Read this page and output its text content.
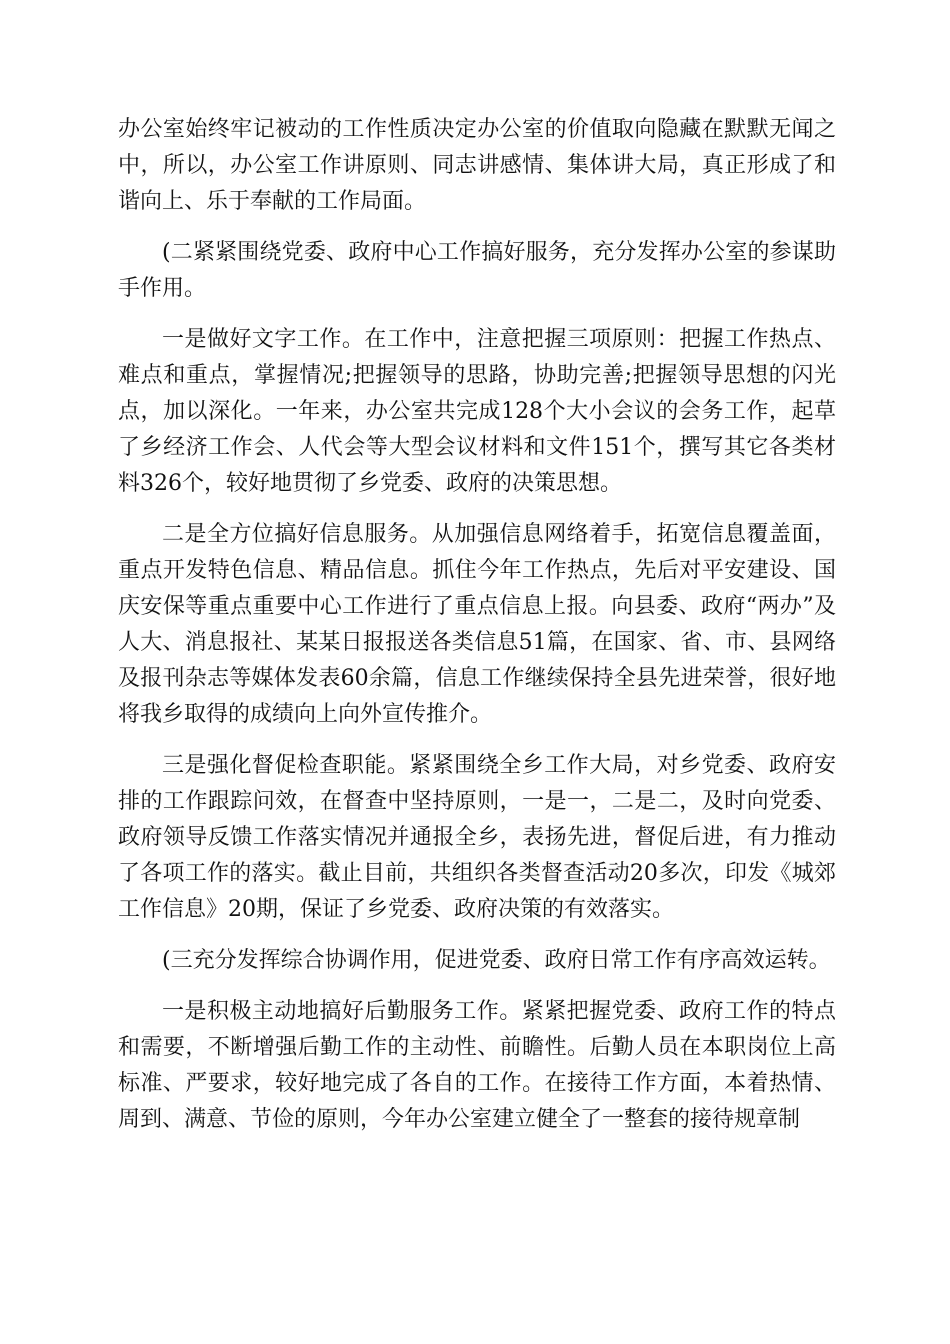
办公室始终牢记被动的工作性质决定办公室的价值取向隐藏在默默无闻之中，所以，办公室工作讲原则、同志讲感情、集体讲大局，真正形成了和谐向上、乐于奉献的工作局面。

(二紧紧围绕党委、政府中心工作搞好服务，充分发挥办公室的参谋助手作用。

一是做好文字工作。在工作中，注意把握三项原则：把握工作热点、难点和重点，掌握情况;把握领导的思路，协助完善;把握领导思想的闪光点，加以深化。一年来，办公室共完成128个大小会议的会务工作，起草了乡经济工作会、人代会等大型会议材料和文件151个，撰写其它各类材料326个，较好地贯彻了乡党委、政府的决策思想。

二是全方位搞好信息服务。从加强信息网络着手，拓宽信息覆盖面，重点开发特色信息、精品信息。抓住今年工作热点，先后对平安建设、国庆安保等重点重要中心工作进行了重点信息上报。向县委、政府“两办”及人大、消息报社、某某日报报送各类信息51篇，在国家、省、市、县网络及报刊杂志等媒体发表60余篇，信息工作继续保持全县先进荣誉，很好地将我乡取得的成绩向上向外宣传推介。

三是强化督促检查职能。紧紧围绕全乡工作大局，对乡党委、政府安排的工作跟踪问效，在督查中坚持原则，一是一，二是二，及时向党委、政府领导反馈工作落实情况并通报全乡，表扬先进，督促后进，有力推动了各项工作的落实。截止目前，共组织各类督查活动20多次，印发《城郊工作信息》20期，保证了乡党委、政府决策的有效落实。

(三充分发挥综合协调作用，促进党委、政府日常工作有序高效运转。

一是积极主动地搞好后勤服务工作。紧紧把握党委、政府工作的特点和需要，不断增强后勤工作的主动性、前瞻性。后勤人员在本职岗位上高标准、严要求，较好地完成了各自的工作。在接待工作方面，本着热情、周到、满意、节俭的原则，今年办公室建立健全了一整套的接待规章制
